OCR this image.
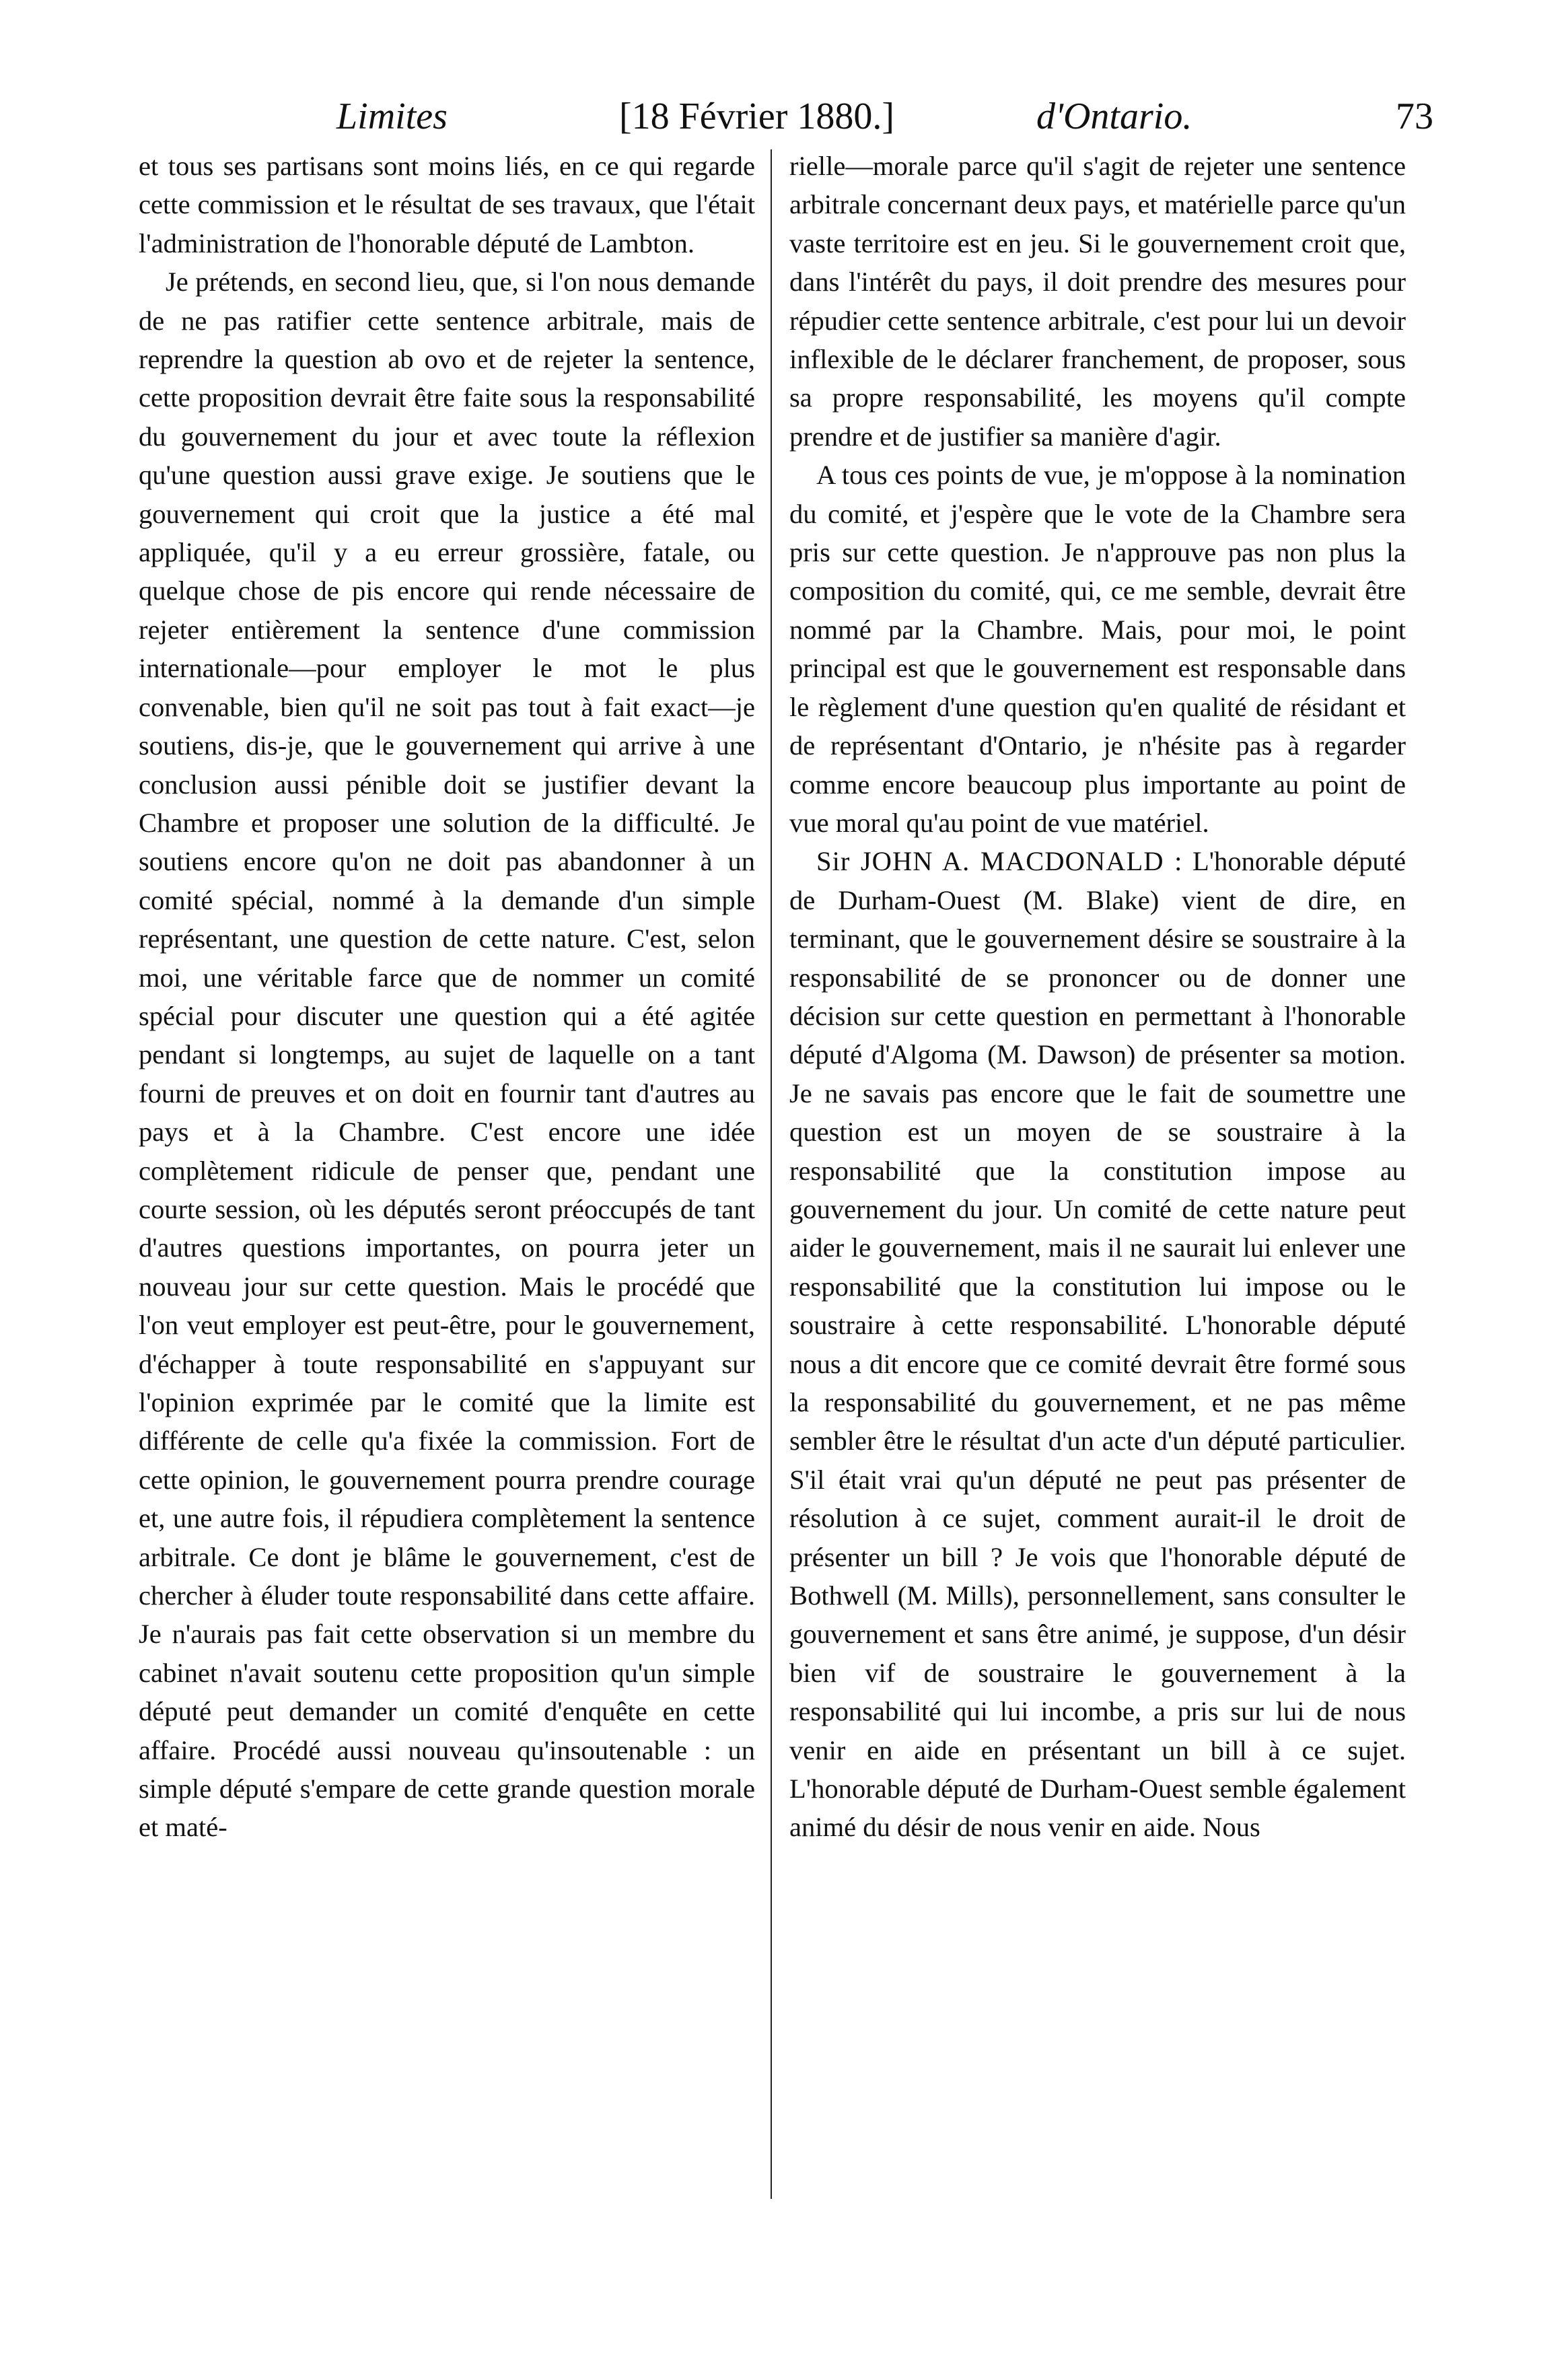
Limites	[18 Février 1880.]	d'Ontario.	73

et tous ses partisans sont moins liés, en ce qui regarde cette commission et le résultat de ses travaux, que l'était l'administration de l'honorable député de Lambton.

Je prétends, en second lieu, que, si l'on nous demande de ne pas ratifier cette sentence arbitrale, mais de reprendre la question ab ovo et de rejeter la sentence, cette proposition devrait être faite sous la responsabilité du gouvernement du jour et avec toute la réflexion qu'une question aussi grave exige. Je soutiens que le gouvernement qui croit que la justice a été mal appliquée, qu'il y a eu erreur grossière, fatale, ou quelque chose de pis encore qui rende nécessaire de rejeter entièrement la sentence d'une commission internationale—pour employer le mot le plus convenable, bien qu'il ne soit pas tout à fait exact—je soutiens, dis-je, que le gouvernement qui arrive à une conclusion aussi pénible doit se justifier devant la Chambre et proposer une solution de la difficulté. Je soutiens encore qu'on ne doit pas abandonner à un comité spécial, nommé à la demande d'un simple représentant, une question de cette nature. C'est, selon moi, une véritable farce que de nommer un comité spécial pour discuter une question qui a été agitée pendant si longtemps, au sujet de laquelle on a tant fourni de preuves et on doit en fournir tant d'autres au pays et à la Chambre. C'est encore une idée complètement ridicule de penser que, pendant une courte session, où les députés seront préoccupés de tant d'autres questions importantes, on pourra jeter un nouveau jour sur cette question. Mais le procédé que l'on veut employer est peut-être, pour le gouvernement, d'échapper à toute responsabilité en s'appuyant sur l'opinion exprimée par le comité que la limite est différente de celle qu'a fixée la commission. Fort de cette opinion, le gouvernement pourra prendre courage et, une autre fois, il répudiera complètement la sentence arbitrale. Ce dont je blâme le gouvernement, c'est de chercher à éluder toute responsabilité dans cette affaire. Je n'aurais pas fait cette observation si un membre du cabinet n'avait soutenu cette proposition qu'un simple député peut demander un comité d'enquête en cette affaire. Procédé aussi nouveau qu'insoutenable : un simple député s'empare de cette grande question morale et maté-

rielle—morale parce qu'il s'agit de rejeter une sentence arbitrale concernant deux pays, et matérielle parce qu'un vaste territoire est en jeu. Si le gouvernement croit que, dans l'intérêt du pays, il doit prendre des mesures pour répudier cette sentence arbitrale, c'est pour lui un devoir inflexible de le déclarer franchement, de proposer, sous sa propre responsabilité, les moyens qu'il compte prendre et de justifier sa manière d'agir.

A tous ces points de vue, je m'oppose à la nomination du comité, et j'espère que le vote de la Chambre sera pris sur cette question. Je n'approuve pas non plus la composition du comité, qui, ce me semble, devrait être nommé par la Chambre. Mais, pour moi, le point principal est que le gouvernement est responsable dans le règlement d'une question qu'en qualité de résidant et de représentant d'Ontario, je n'hésite pas à regarder comme encore beaucoup plus importante au point de vue moral qu'au point de vue matériel.

Sir JOHN A. MACDONALD : L'honorable député de Durham-Ouest (M. Blake) vient de dire, en terminant, que le gouvernement désire se soustraire à la responsabilité de se prononcer ou de donner une décision sur cette question en permettant à l'honorable député d'Algoma (M. Dawson) de présenter sa motion. Je ne savais pas encore que le fait de soumettre une question est un moyen de se soustraire à la responsabilité que la constitution impose au gouvernement du jour. Un comité de cette nature peut aider le gouvernement, mais il ne saurait lui enlever une responsabilité que la constitution lui impose ou le soustraire à cette responsabilité. L'honorable député nous a dit encore que ce comité devrait être formé sous la responsabilité du gouvernement, et ne pas même sembler être le résultat d'un acte d'un député particulier. S'il était vrai qu'un député ne peut pas présenter de résolution à ce sujet, comment aurait-il le droit de présenter un bill ? Je vois que l'honorable député de Bothwell (M. Mills), personnellement, sans consulter le gouvernement et sans être animé, je suppose, d'un désir bien vif de soustraire le gouvernement à la responsabilité qui lui incombe, a pris sur lui de nous venir en aide en présentant un bill à ce sujet. L'honorable député de Durham-Ouest semble également animé du désir de nous venir en aide. Nous
